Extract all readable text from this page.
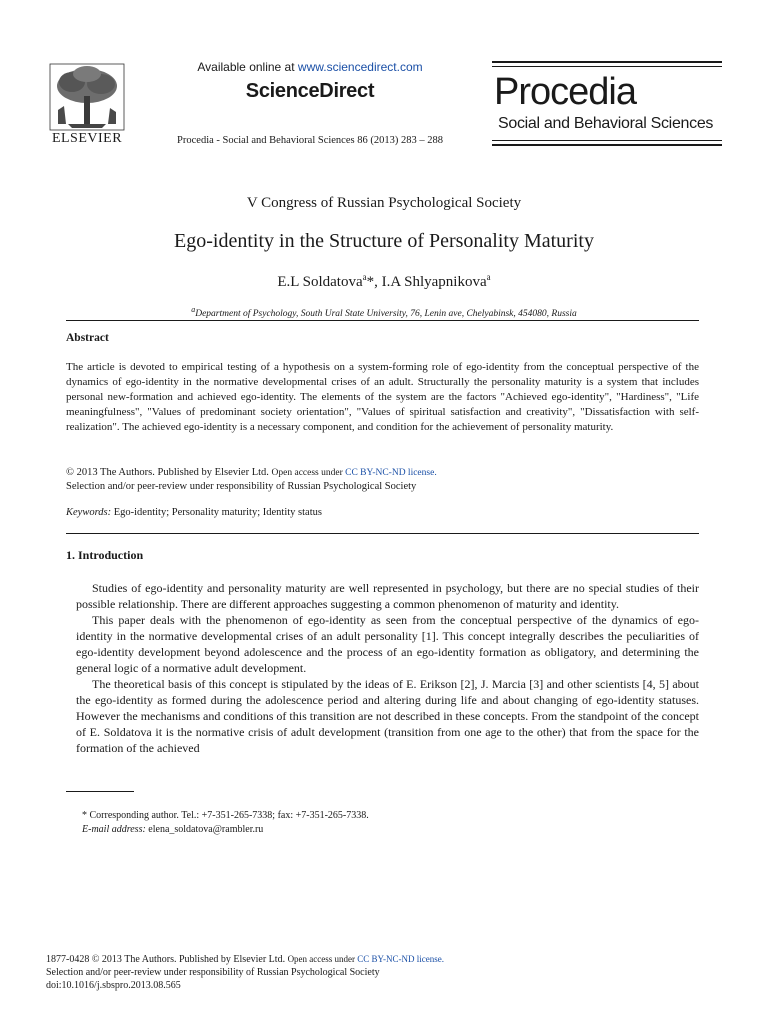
ELSEVIER
Available online at www.sciencedirect.com
ScienceDirect
Procedia - Social and Behavioral Sciences 86 (2013) 283 – 288
Procedia
Social and Behavioral Sciences
V Congress of Russian Psychological Society
Ego-identity in the Structure of Personality Maturity
E.L Soldatova$^a$*, I.A Shlyapnikova$^a$
$^a$Department of Psychology, South Ural State University, 76, Lenin ave, Chelyabinsk, 454080, Russia
Abstract
The article is devoted to empirical testing of a hypothesis on a system-forming role of ego-identity from the conceptual perspective of the dynamics of ego-identity in the normative developmental crises of an adult. Structurally the personality maturity is a system that includes personal new-formation and achieved ego-identity. The elements of the system are the factors "Achieved ego-identity", "Hardiness", "Life meaningfulness", "Values of predominant society orientation", "Values of spiritual satisfaction and creativity", "Dissatisfaction with self-realization". The achieved ego-identity is a necessary component, and condition for the achievement of personality maturity.
© 2013 The Authors. Published by Elsevier Ltd. Open access under CC BY-NC-ND license.
Selection and/or peer-review under responsibility of Russian Psychological Society
Keywords: Ego-identity; Personality maturity; Identity status
1. Introduction

Studies of ego-identity and personality maturity are well represented in psychology, but there are no special studies of their possible relationship. There are different approaches suggesting a common phenomenon of maturity and identity.

This paper deals with the phenomenon of ego-identity as seen from the conceptual perspective of the dynamics of ego-identity in the normative developmental crises of an adult personality [1]. This concept integrally describes the peculiarities of ego-identity development beyond adolescence and the process of an ego-identity formation as obligatory, and determining the general logic of a normative adult development.

The theoretical basis of this concept is stipulated by the ideas of E. Erikson [2], J. Marcia [3] and other scientists [4, 5] about the ego-identity as formed during the adolescence period and altering during life and about changing of ego-identity statuses. However the mechanisms and conditions of this transition are not described in these concepts. From the standpoint of the concept of E. Soldatova it is the normative crisis of adult development (transition from one age to the other) that from the space for the formation of the achieved

* Corresponding author. Tel.: +7-351-265-7338; fax: +7-351-265-7338.
E-mail address: elena_soldatova@rambler.ru
1877-0428 © 2013 The Authors. Published by Elsevier Ltd. Open access under CC BY-NC-ND license.
Selection and/or peer-review under responsibility of Russian Psychological Society
doi:10.1016/j.sbspro.2013.08.565
